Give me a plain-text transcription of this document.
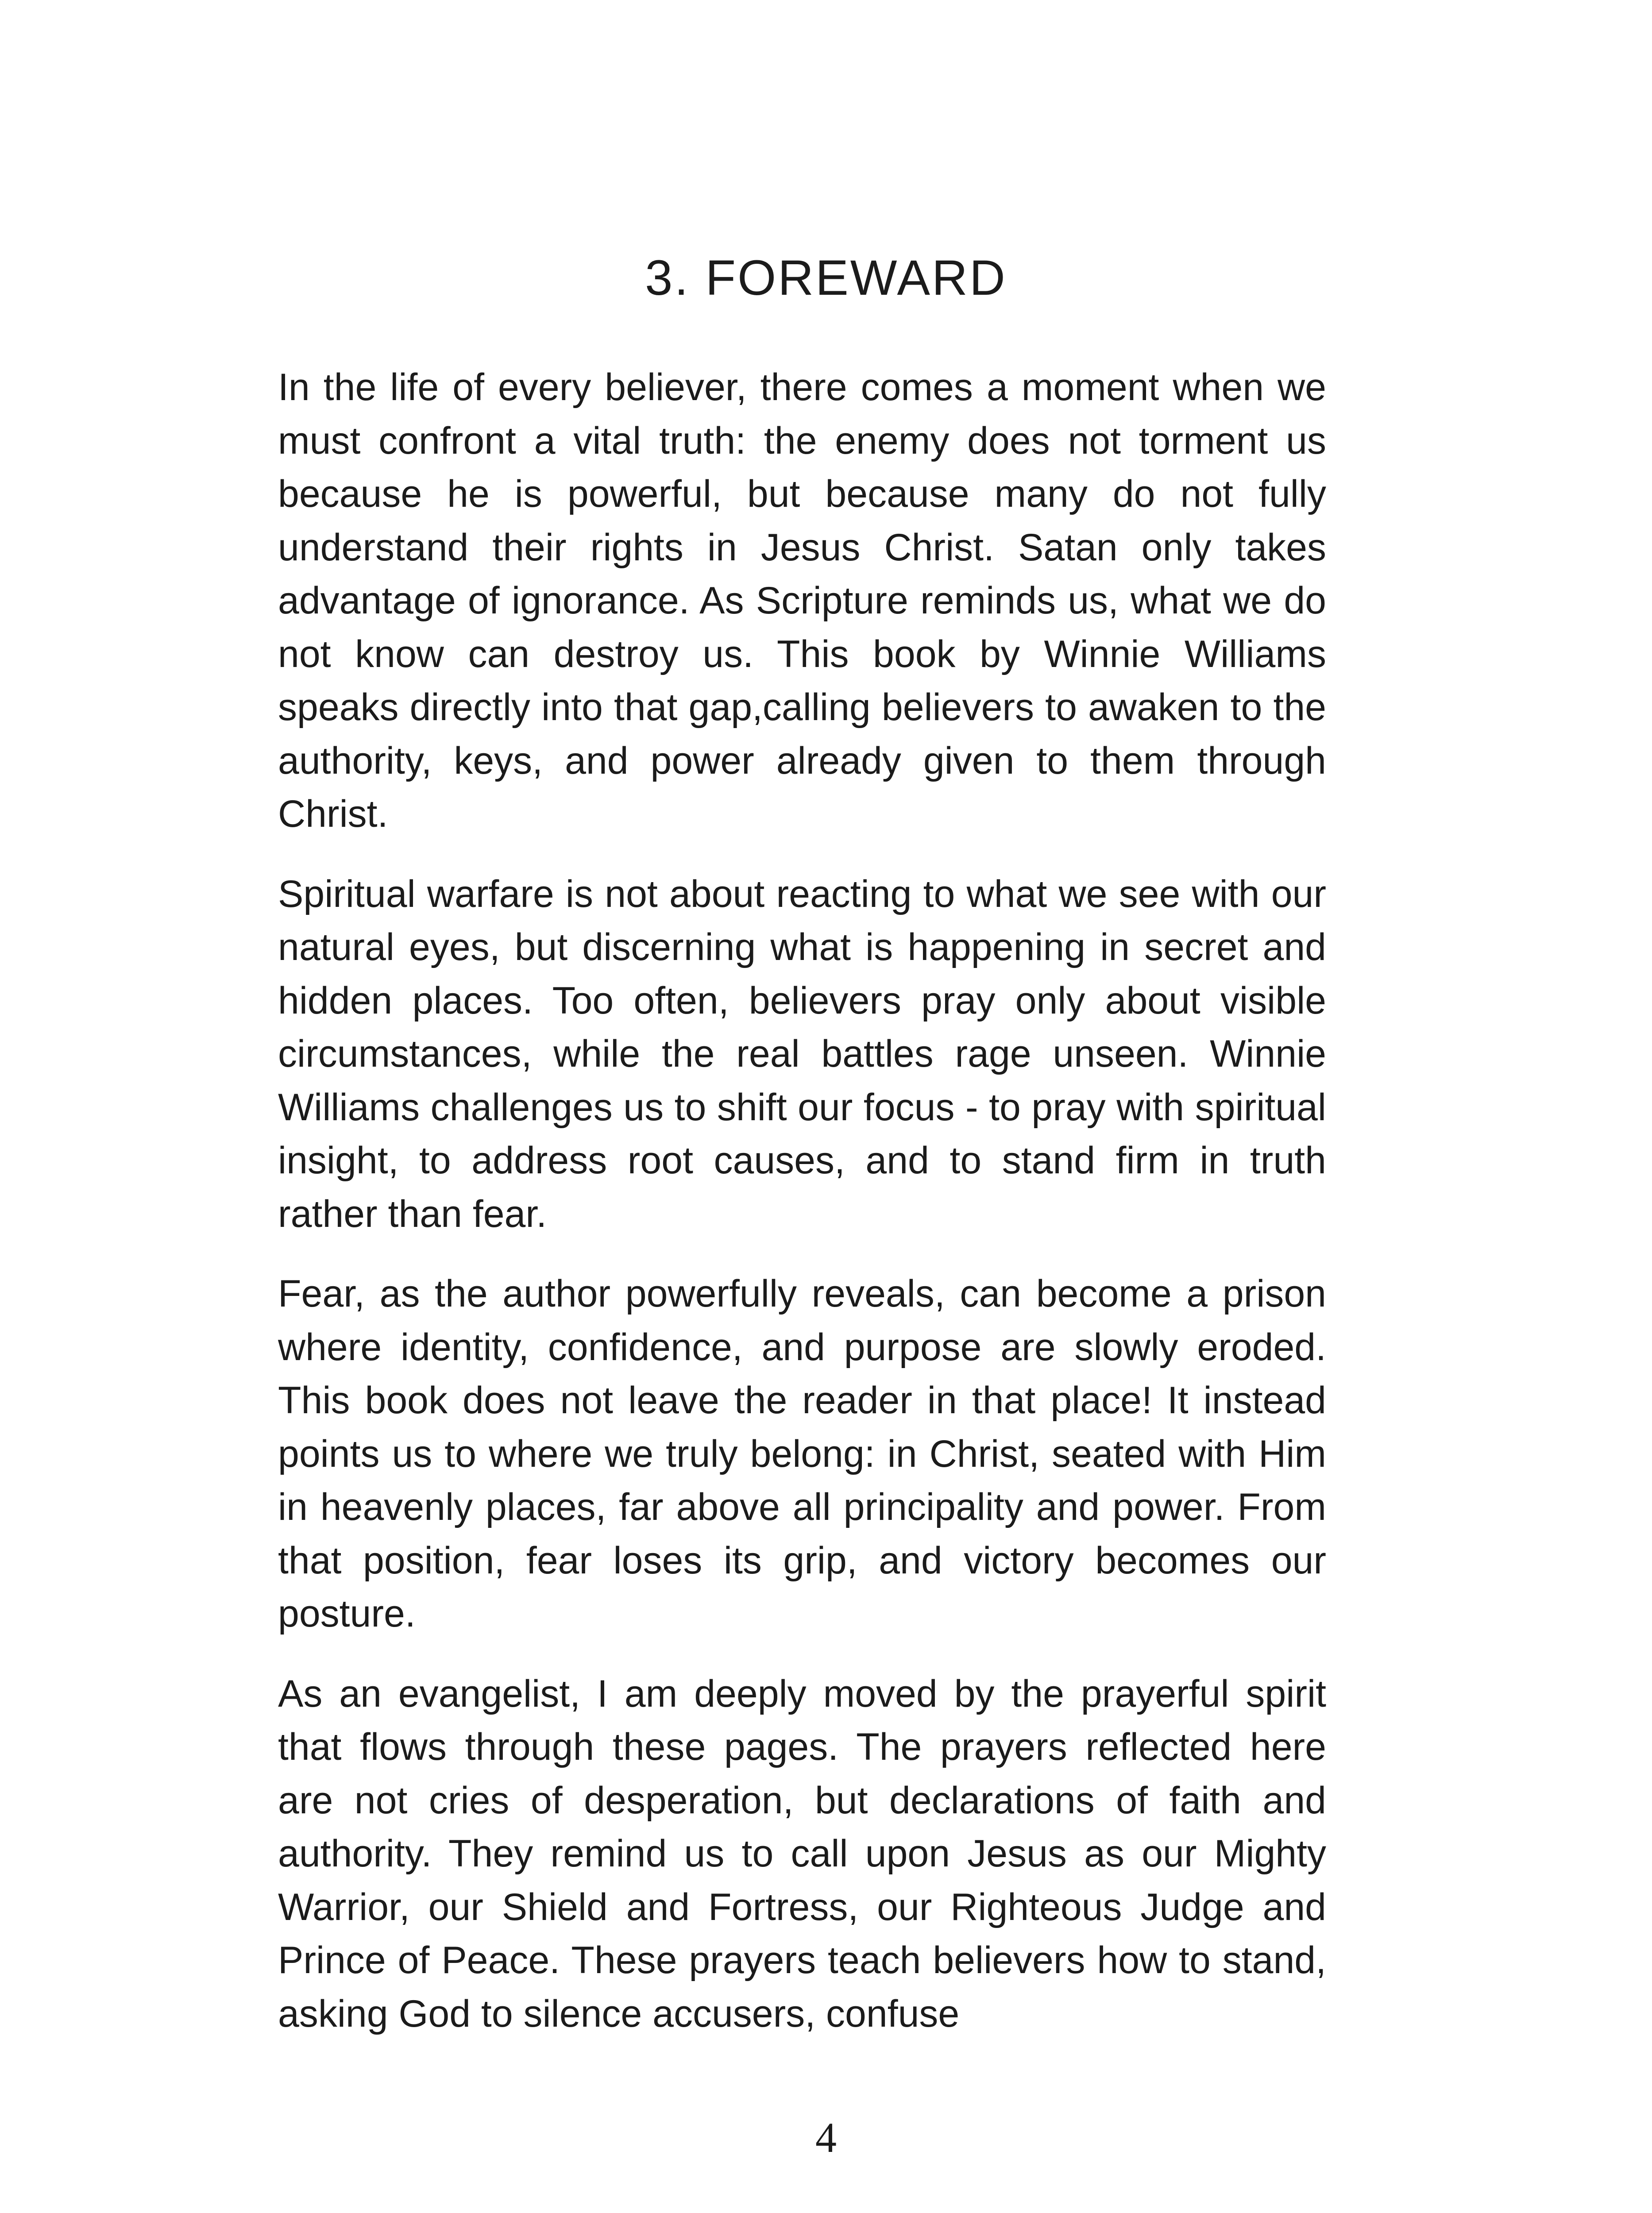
3. FOREWARD

In the life of every believer, there comes a moment when we must confront a vital truth: the enemy does not torment us because he is powerful, but because many do not fully understand their rights in Jesus Christ. Satan only takes advantage of ignorance. As Scripture reminds us, what we do not know can destroy us. This book by Winnie Williams speaks directly into that gap,calling believers to awaken to the authority, keys, and power already given to them through Christ.

Spiritual warfare is not about reacting to what we see with our natural eyes, but discerning what is happening in secret and hidden places. Too often, believers pray only about visible circumstances, while the real battles rage unseen. Winnie Williams challenges us to shift our focus - to pray with spiritual insight, to address root causes, and to stand firm in truth rather than fear.

Fear, as the author powerfully reveals, can become a prison where identity, confidence, and purpose are slowly eroded. This book does not leave the reader in that place! It instead points us to where we truly belong: in Christ, seated with Him in heavenly places, far above all principality and power. From that position, fear loses its grip, and victory becomes our posture.

As an evangelist, I am deeply moved by the prayerful spirit that flows through these pages. The prayers reflected here are not cries of desperation, but declarations of faith and authority. They remind us to call upon Jesus as our Mighty Warrior, our Shield and Fortress, our Righteous Judge and Prince of Peace. These prayers teach believers how to stand, asking God to silence accusers, confuse

4
